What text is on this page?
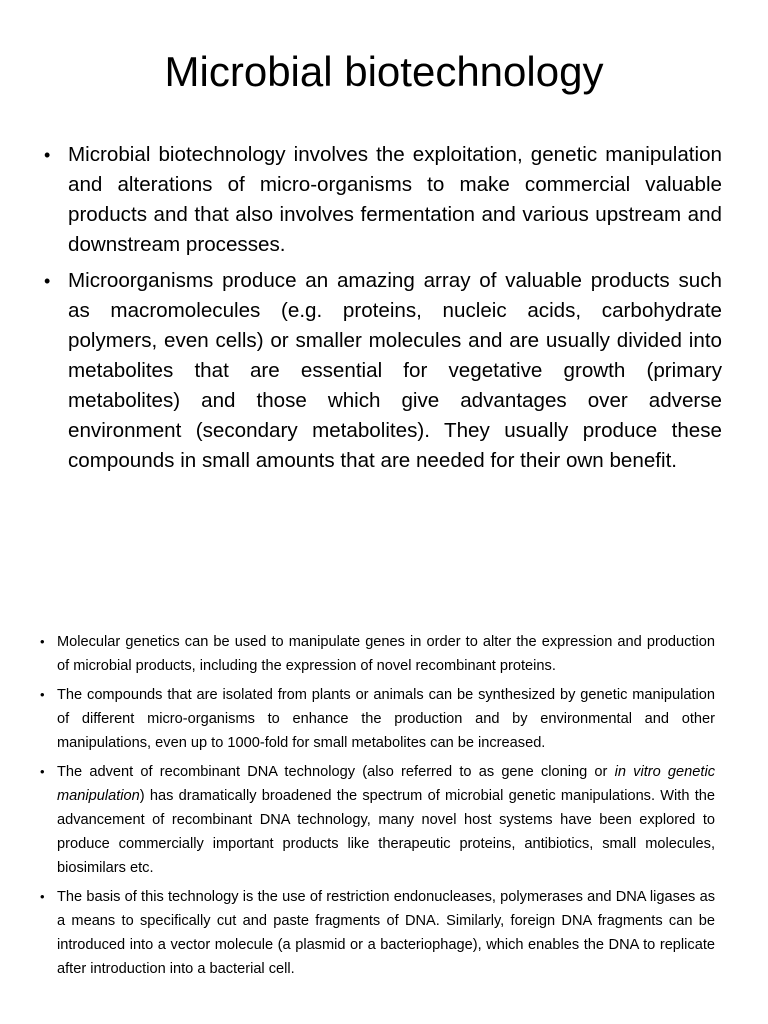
Microbial biotechnology
• Microbial biotechnology involves the exploitation, genetic manipulation and alterations of micro-organisms to make commercial valuable products and that also involves fermentation and various upstream and downstream processes.
• Microorganisms produce an amazing array of valuable products such as macromolecules (e.g. proteins, nucleic acids, carbohydrate polymers, even cells) or smaller molecules and are usually divided into metabolites that are essential for vegetative growth (primary metabolites) and those which give advantages over adverse environment (secondary metabolites). They usually produce these compounds in small amounts that are needed for their own benefit.
• Molecular genetics can be used to manipulate genes in order to alter the expression and production of microbial products, including the expression of novel recombinant proteins.
• The compounds that are isolated from plants or animals can be synthesized by genetic manipulation of different micro-organisms to enhance the production and by environmental and other manipulations, even up to 1000-fold for small metabolites can be increased.
• The advent of recombinant DNA technology (also referred to as gene cloning or in vitro genetic manipulation) has dramatically broadened the spectrum of microbial genetic manipulations. With the advancement of recombinant DNA technology, many novel host systems have been explored to produce commercially important products like therapeutic proteins, antibiotics, small molecules, biosimilars etc.
• The basis of this technology is the use of restriction endonucleases, polymerases and DNA ligases as a means to specifically cut and paste fragments of DNA. Similarly, foreign DNA fragments can be introduced into a vector molecule (a plasmid or a bacteriophage), which enables the DNA to replicate after introduction into a bacterial cell.
